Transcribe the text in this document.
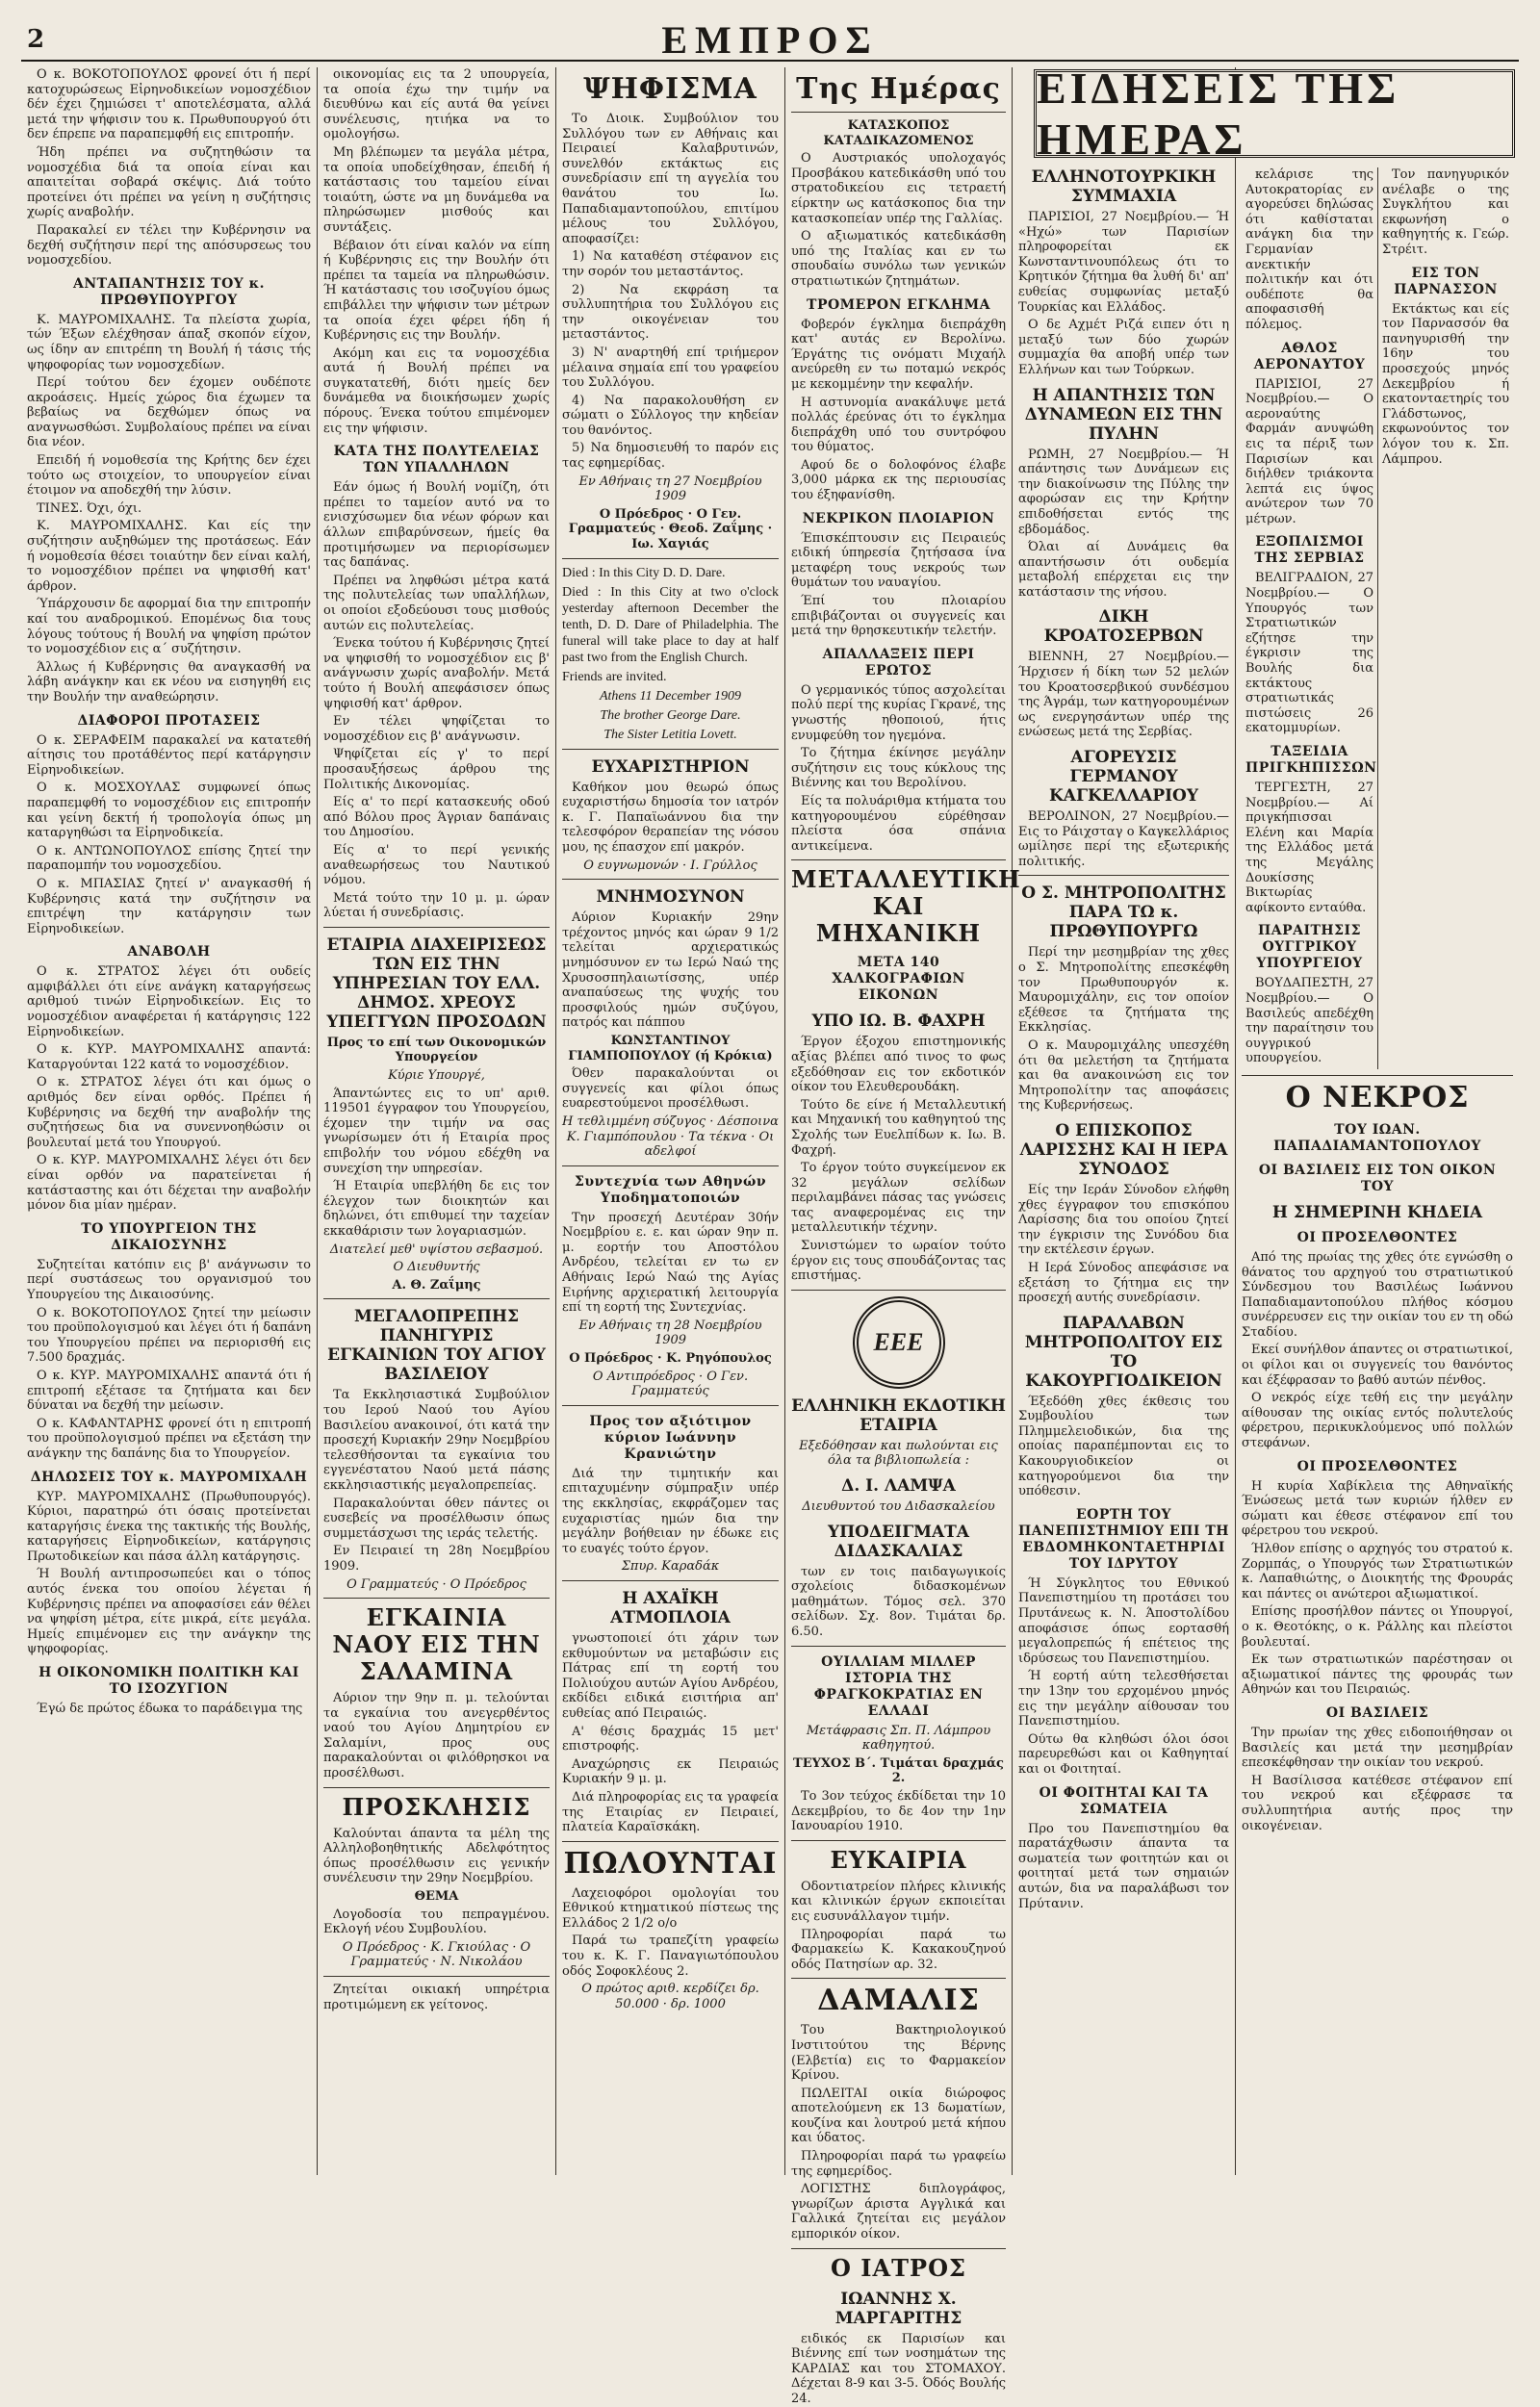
2	ΕΜΠΡΟΣ

Ο κ. ΒΟΚΟΤΟΠΟΥΛΟΣ φρονεί ότι ή περί κατοχυρώσεως Εἰρηνοδικείων νομοσχέδιον δέν έχει ζημιώσει τ' αποτελέσματα, αλλά μετά την ψήφισιν του κ. Πρωθυπουργού ότι δεν έπρεπε να παραπεμφθή εις επιτροπήν.

Ήδη πρέπει να συζητηθώσιν τα νομοσχέδια διά τα οποία είναι και απαιτείται σοβαρά σκέψις. Διά τούτο προτείνει ότι πρέπει να γείνη η συζήτησις χωρίς αναβολήν.

Παρακαλεί εν τέλει την Κυβέρνησιν να δεχθή συζήτησιν περί της απόσυρσεως του νομοσχεδίου.

ΑΝΤΑΠΑΝΤΗΣΙΣ ΤΟΥ κ. ΠΡΩΘΥΠΟΥΡΓΟΥ

Κ. ΜΑΥΡΟΜΙΧΑΛΗΣ. Τα πλείστα χωρία, τών Έξων ελέχθησαν άπαξ σκοπόν είχον, ως ίδην αν επιτρέπη τη Βουλή ή τάσις τής ψηφοφορίας των νομοσχεδίων.

Περί τούτου δεν έχομεν ουδέποτε ακροάσεις. Ημείς χώρος δια έχωμεν τα βεβαίως να δεχθώμεν όπως να αναγνωσθώσι. Συμβολαίους πρέπει να είναι δια νέον.

Επειδή ή νομοθεσία της Κρήτης δεν έχει τούτο ως στοιχείον, το υπουργείον είναι έτοιμον να αποδεχθή την λύσιν.

ΤΙΝΕΣ. Όχι, όχι.

Κ. ΜΑΥΡΟΜΙΧΑΛΗΣ. Και είς την συζήτησιν αυξηθώμεν της προτάσεως. Εάν ή νομοθεσία θέσει τοιαύτην δεν είναι καλή, το νομοσχέδιον πρέπει να ψηφισθή κατ' άρθρον.

Ύπάρχουσιν δε αφορμαί δια την επιτροπήν καί του αναδρομικού. Επομένως δια τους λόγους τούτους ή Βουλή να ψηφίση πρώτον το νομοσχέδιον εις α΄ συζήτησιν.

Άλλως ή Κυβέρνησις θα αναγκασθή να λάβη ανάγκην και εκ νέου να εισηγηθή εις την Βουλήν την αναθεώρησιν.

ΔΙΑΦΟΡΟΙ ΠΡΟΤΑΣΕΙΣ

Ο κ. ΣΕΡΑΦΕΙΜ παρακαλεί να κατατεθή αίτησις του προτάθέντος περί κατάργησιν Εἰρηνοδικείων.

Ο κ. ΜΟΣΧΟΥΛΑΣ συμφωνεί όπως παραπεμφθή το νομοσχέδιον εις επιτροπήν και γείνη δεκτή ή τροπολογία όπως μη καταργηθώσι τα Εἰρηνοδικεία.

Ο κ. ΑΝΤΩΝΟΠΟΥΛΟΣ επίσης ζητεί την παραπομπήν του νομοσχεδίου.

Ο κ. ΜΠΑΣΙΑΣ ζητεί ν' αναγκασθή ή Κυβέρνησις κατά την συζήτησιν να επιτρέψη την κατάργησιν των Εἰρηνοδικείων.

ΑΝΑΒΟΛΗ

Ο κ. ΣΤΡΑΤΟΣ λέγει ότι ουδείς αμφιβάλλει ότι είνε ανάγκη καταργήσεως αριθμού τινών Εἰρηνοδικείων. Εις το νομοσχέδιον αναφέρεται ή κατάργησις 122 Εἰρηνοδικείων.

Ο κ. ΚΥΡ. ΜΑΥΡΟΜΙΧΑΛΗΣ απαντά: Καταργούνται 122 κατά το νομοσχέδιον.

Ο κ. ΣΤΡΑΤΟΣ λέγει ότι και όμως ο αριθμός δεν είναι ορθός. Πρέπει ή Κυβέρνησις να δεχθή την αναβολήν της συζητήσεως δια να συνεννοηθώσιν οι βουλευταί μετά του Υπουργού.

Ο κ. ΚΥΡ. ΜΑΥΡΟΜΙΧΑΛΗΣ λέγει ότι δεν είναι ορθόν να παρατείνεται ή κατάσταστης και ότι δέχεται την αναβολήν μόνον δια μίαν ημέραν.

ΤΟ ΥΠΟΥΡΓΕΙΟΝ ΤΗΣ ΔΙΚΑΙΟΣΥΝΗΣ

Συζητείται κατόπιν εις β' ανάγνωσιν το περί συστάσεως του οργανισμού του Υπουργείου της Δικαιοσύνης.

Ο κ. ΒΟΚΟΤΟΠΟΥΛΟΣ ζητεί την μείωσιν του προϋπολογισμού και λέγει ότι ή δαπάνη του Υπουργείου πρέπει να περιορισθή εις 7.500 δραχμάς.

Ο κ. ΚΥΡ. ΜΑΥΡΟΜΙΧΑΛΗΣ απαντά ότι ή επιτροπή εξέτασε τα ζητήματα και δεν δύναται να δεχθή την μείωσιν.

Ο κ. ΚΑΦΑΝΤΑΡΗΣ φρονεί ότι η επιτροπή του προϋπολογισμού πρέπει να εξετάση την ανάγκην της δαπάνης δια το Υπουργείον.

ΔΗΛΩΣΕΙΣ ΤΟΥ κ. ΜΑΥΡΟΜΙΧΑΛΗ

ΚΥΡ. ΜΑΥΡΟΜΙΧΑΛΗΣ (Πρωθυπουργός). Κύριοι, παρατηρώ ότι όσαις προτείνεται καταργήσις ένεκα της τακτικής τής Βουλής, καταργήσεις Εἰρηνοδικείων, κατάργησις Πρωτοδικείων και πάσα άλλη κατάργησις.

Ή Βουλή αντιπροσωπεύει και ο τόπος αυτός ένεκα του οποίου λέγεται ή Κυβέρνησις πρέπει να αποφασίσει εάν θέλει να ψηφίση μέτρα, είτε μικρά, είτε μεγάλα. Ημείς επιμένομεν εις την ανάγκην της ψηφοφορίας.

Η ΟΙΚΟΝΟΜΙΚΗ ΠΟΛΙΤΙΚΗ ΚΑΙ ΤΟ ΙΣΟΖΥΓΙΟΝ

Έγώ δε πρώτος έδωκα το παράδειγμα της

οικονομίας εις τα 2 υπουργεία, τα οποία έχω την τιμήν να διευθύνω και είς αυτά θα γείνει συνέλευσις, ητιήκα να το ομολογήσω.

Μη βλέπωμεν τα μεγάλα μέτρα, τα οποία υποδείχθησαν, έπειδή ή κατάστασις του ταμείου είναι τοιαύτη, ώστε να μη δυνάμεθα να πληρώσωμεν μισθούς και συντάξεις.

Βέβαιον ότι είναι καλόν να είπη ή Κυβέρνησις εις την Βουλήν ότι πρέπει τα ταμεία να πληρωθώσιν. Ή κατάστασις του ισοζυγίου όμως επιβάλλει την ψήφισιν των μέτρων τα οποία έχει φέρει ήδη ή Κυβέρνησις εις την Βουλήν.

Ακόμη και εις τα νομοσχέδια αυτά ή Βουλή πρέπει να συγκατατεθή, διότι ημείς δεν δυνάμεθα να διοικήσωμεν χωρίς πόρους. Ένεκα τούτου επιμένομεν εις την ψήφισιν.

ΚΑΤΑ ΤΗΣ ΠΟΛΥΤΕΛΕΙΑΣ ΤΩΝ ΥΠΑΛΛΗΛΩΝ

Εάν όμως ή Βουλή νομίζη, ότι πρέπει το ταμείον αυτό να το ενισχύσωμεν δια νέων φόρων και άλλων επιβαρύνσεων, ήμείς θα προτιμήσωμεν να περιορίσωμεν τας δαπάνας.

Πρέπει να ληφθώσι μέτρα κατά της πολυτελείας των υπαλλήλων, οι οποίοι εξοδεύουσι τους μισθούς αυτών εις πολυτελείας.

Ένεκα τούτου ή Κυβέρνησις ζητεί να ψηφισθή το νομοσχέδιον εις β' ανάγνωσιν χωρίς αναβολήν. Μετά τούτο ή Βουλή απεφάσισεν όπως ψηφισθή κατ' άρθρον.

Εν τέλει ψηφίζεται το νομοσχέδιον εις β' ανάγνωσιν.

Ψηφίζεται είς γ' το περί προσαυξήσεως άρθρου της Πολιτικής Δικονομίας.

Είς α' το περί κατασκευής οδού από Βόλου προς Άγριαν δαπάναις του Δημοσίου.

Είς α' το περί γενικής αναθεωρήσεως του Ναυτικού νόμου.

Μετά τούτο την 10 μ. μ. ώραν λύεται ή συνεδρίασις.

ΕΤΑΙΡΙΑ ΔΙΑΧΕΙΡΙΣΕΩΣ ΤΩΝ ΕΙΣ ΤΗΝ ΥΠΗΡΕΣΙΑΝ ΤΟΥ ΕΛΛ. ΔΗΜΟΣ. ΧΡΕΟΥΣ ΥΠΕΓΓΥΩΝ ΠΡΟΣΟΔΩΝ

Προς το επί των Οικονομικών Υπουργείον

Κύριε Υπουργέ,

Άπαντώντες εις το υπ' αριθ. 119501 έγγραφον του Υπουργείου, έχομεν την τιμήν να σας γνωρίσωμεν ότι ή Εταιρία προς επιβολήν του νόμου εδέχθη να συνεχίση την υπηρεσίαν.

Ή Εταιρία υπεβλήθη δε εις τον έλεγχον των διοικητών και δηλώνει, ότι επιθυμεί την ταχείαν εκκαθάρισιν των λογαριασμών.

Διατελεί μεθ' υψίστου σεβασμού.

Ο Διευθυντής

Α. Θ. Ζαΐμης

ΜΕΓΑΛΟΠΡΕΠΗΣ ΠΑΝΗΓΥΡΙΣ ΕΓΚΑΙΝΙΩΝ ΤΟΥ ΑΓΙΟΥ ΒΑΣΙΛΕΙΟΥ

Τα Εκκλησιαστικά Συμβούλιον του Ιερού Ναού του Αγίου Βασιλείου ανακοινοί, ότι κατά την προσεχή Κυριακήν 29ην Νοεμβρίου τελεσθήσονται τα εγκαίνια του εγγενέστατου Ναού μετά πάσης εκκλησιαστικής μεγαλοπρεπείας.

Παρακαλούνται όθεν πάντες οι ευσεβείς να προσέλθωσιν όπως συμμετάσχωσι της ιεράς τελετής.

Εν Πειραιεί τη 28η Νοεμβρίου 1909.

Ο Γραμματεύς · Ο Πρόεδρος

ΕΓΚΑΙΝΙΑ ΝΑΟΥ ΕΙΣ ΤΗΝ ΣΑΛΑΜΙΝΑ

Αύριον την 9ην π. μ. τελούνται τα εγκαίνια του ανεγερθέντος ναού του Αγίου Δημητρίου εν Σαλαμίνι, προς ους παρακαλούνται οι φιλόθρησκοι να προσέλθωσι.

ΠΡΟΣΚΛΗΣΙΣ

Καλούνται άπαντα τα μέλη της Αλληλοβοηθητικής Αδελφότητος όπως προσέλθωσιν εις γενικήν συνέλευσιν την 29ην Νοεμβρίου.

ΘΕΜΑ

Λογοδοσία του πεπραγμένου. Εκλογή νέου Συμβουλίου.

Ο Πρόεδρος · Κ. Γκιούλας · Ο Γραμματεύς · Ν. Νικολάου

Ζητείται οικιακή υπηρέτρια προτιμώμενη εκ γείτονος.

ΨΗΦΙΣΜΑ

Το Διοικ. Συμβούλιον του Συλλόγου των εν Αθήναις και Πειραιεί Καλαβρυτινών, συνελθόν εκτάκτως εις συνεδρίασιν επί τη αγγελία του θανάτου του Ιω. Παπαδιαμαντοπούλου, επιτίμου μέλους του Συλλόγου, αποφασίζει:

1) Να καταθέση στέφανον εις την σορόν του μεταστάντος.

2) Να εκφράση τα συλλυπητήρια του Συλλόγου εις την οικογένειαν του μεταστάντος.

3) Ν' αναρτηθή επί τριήμερον μέλαινα σημαία επί του γραφείου του Συλλόγου.

4) Να παρακολουθήση εν σώματι ο Σύλλογος την κηδείαν του θανόντος.

5) Να δημοσιευθή το παρόν εις τας εφημερίδας.

Εν Αθήναις τη 27 Νοεμβρίου 1909

Ο Πρόεδρος · Ο Γεν. Γραμματεύς · Θεοδ. Ζαΐμης · Ιω. Χαγιάς

Died : In this City D. D. Dare.

Died : In this City at two o'clock yesterday afternoon December the tenth, D. D. Dare of Philadelphia. The funeral will take place to day at half past two from the English Church.

Friends are invited.

Athens 11 December 1909

The brother George Dare.

The Sister Letitia Lovett.

ΕΥΧΑΡΙΣΤΗΡΙΟΝ

Καθήκον μου θεωρώ όπως ευχαριστήσω δημοσία τον ιατρόν κ. Γ. Παπαϊωάννου δια την τελεσφόρον θεραπείαν της νόσου μου, ης έπασχον επί μακρόν.

Ο ευγνωμονών · Ι. Γρύλλος

ΜΝΗΜΟΣΥΝΟΝ

Αύριον Κυριακήν 29ην τρέχοντος μηνός και ώραν 9 1/2 τελείται αρχιερατικώς μνημόσυνον εν τω Ιερώ Ναώ της Χρυσοσπηλαιωτίσσης, υπέρ αναπαύσεως της ψυχής του προσφιλούς ημών συζύγου, πατρός και πάππου

ΚΩΝΣΤΑΝΤΙΝΟΥ ΓΙΑΜΠΟΠΟΥΛΟΥ (ή Κρόκια)

Όθεν παρακαλούνται οι συγγενείς και φίλοι όπως ευαρεστούμενοι προσέλθωσι.

Η τεθλιμμένη σύζυγος · Δέσποινα Κ. Γιαμπόπουλου · Τα τέκνα · Οι αδελφοί

Συντεχνία των Αθηνών Υποδηματοποιών

Την προσεχή Δευτέραν 30ήν Νοεμβρίου ε. ε. και ώραν 9ην π. μ. εορτήν του Αποστόλου Ανδρέου, τελείται εν τω εν Αθήναις Ιερώ Ναώ της Αγίας Ειρήνης αρχιερατική λειτουργία επί τη εορτή της Συντεχνίας.

Εν Αθήναις τη 28 Νοεμβρίου 1909

Ο Πρόεδρος · Κ. Ρηγόπουλος

Ο Αντιπρόεδρος · Ο Γεν. Γραμματεύς

Προς τον αξιότιμον κύριον Ιωάννην Κρανιώτην

Διά την τιμητικήν και επιταχυμένην σύμπραξιν υπέρ της εκκλησίας, εκφράζομεν τας ευχαριστίας ημών δια την μεγάλην βοήθειαν ην έδωκε εις το ευαγές τούτο έργον.

Σπυρ. Καραδάκ

Η ΑΧΑΪΚΗ ΑΤΜΟΠΛΟΙΑ

γνωστοποιεί ότι χάριν των εκθυμούντων να μεταβώσιν εις Πάτρας επί τη εορτή του Πολιούχου αυτών Αγίου Ανδρέου, εκδίδει ειδικά εισιτήρια απ' ευθείας από Πειραιώς.

Α' θέσις δραχμάς 15 μετ' επιστροφής.

Αναχώρησις εκ Πειραιώς Κυριακήν 9 μ. μ.

Διά πληροφορίας εις τα γραφεία της Εταιρίας εν Πειραιεί, πλατεία Καραϊσκάκη.

ΠΩΛΟΥΝΤΑΙ

Λαχειοφόροι ομολογίαι του Εθνικού κτηματικού πίστεως της Ελλάδος 2 1/2 ο/ο

Παρά τω τραπεζίτη γραφείω του κ. Κ. Γ. Παναγιωτόπουλου οδός Σοφοκλέους 2.

Ο πρώτος αριθ. κερδίζει δρ. 50.000 · δρ. 1000

Της Ημέρας

ΚΑΤΑΣΚΟΠΟΣ ΚΑΤΑΔΙΚΑΖΟΜΕΝΟΣ

Ο Αυστριακός υπολοχαγός Προσβάκου κατεδικάσθη υπό του στρατοδικείου εις τετραετή είρκτην ως κατάσκοπος δια την κατασκοπείαν υπέρ της Γαλλίας.

Ο αξιωματικός κατεδικάσθη υπό της Ιταλίας και εν τω σπουδαίω συνόλω των γενικών στρατιωτικών ζητημάτων.

ΤΡΟΜΕΡΟΝ ΕΓΚΛΗΜΑ

Φοβερόν έγκλημα διεπράχθη κατ' αυτάς εν Βερολίνω. Έργάτης τις ονόματι Μιχαήλ ανεύρεθη εν τω ποταμώ νεκρός με κεκομμένην την κεφαλήν.

Η αστυνομία ανακάλυψε μετά πολλάς έρεύνας ότι το έγκλημα διεπράχθη υπό του συντρόφου του θύματος.

Αφού δε ο δολοφόνος έλαβε 3,000 μάρκα εκ της περιουσίας του έξηφανίσθη.

ΝΕΚΡΙΚΟΝ ΠΛΟΙΑΡΙΟΝ

Έπισκέπτουσιν εις Πειραιεύς ειδική ύπηρεσία ζητήσασα ίνα μεταφέρη τους νεκρούς των θυμάτων του ναυαγίου.

Έπί του πλοιαρίου επιβιβάζονται οι συγγενείς και μετά την θρησκευτικήν τελετήν.

ΑΠΑΛΛΑΞΕΙΣ ΠΕΡΙ ΕΡΩΤΟΣ

Ο γερμανικός τύπος ασχολείται πολύ περί της κυρίας Γκρανέ, της γνωστής ηθοποιού, ήτις ενυμφεύθη τον ηγεμόνα.

Το ζήτημα έκίνησε μεγάλην συζήτησιν εις τους κύκλους της Βιέννης και του Βερολίνου.

Είς τα πολυάριθμα κτήματα του κατηγορουμένου εύρέθησαν πλείστα όσα σπάνια αντικείμενα.

ΜΕΤΑΛΛΕΥΤΙΚΗ ΚΑΙ ΜΗΧΑΝΙΚΗ
ΜΕΤΑ 140 ΧΑΛΚΟΓΡΑΦΙΩΝ ΕΙΚΟΝΩΝ
ΥΠΟ ΙΩ. Β. ΦΑΧΡΗ

Έργον έξοχου επιστημονικής αξίας βλέπει από τινος το φως εξεδόθησαν εις τον εκδοτικόν οίκον του Ελευθερουδάκη.

Τούτο δε είνε ή Μεταλλευτική και Μηχανική του καθηγητού της Σχολής των Ευελπίδων κ. Ιω. Β. Φαχρή.

Το έργον τούτο συγκείμενον εκ 32 μεγάλων σελίδων περιλαμβάνει πάσας τας γνώσεις τας αναφερομένας εις την μεταλλευτικήν τέχνην.

Συνιστώμεν το ωραίον τούτο έργον εις τους σπουδάζοντας τας επιστήμας.

ΕΕΕ
ΕΛΛΗΝΙΚΗ ΕΚΔΟΤΙΚΗ ΕΤΑΙΡΙΑ

Εξεδόθησαν και πωλούνται εις όλα τα βιβλιοπωλεία :

Δ. Ι. ΛΑΜΨΑ

Διευθυντού του Διδασκαλείου

ΥΠΟΔΕΙΓΜΑΤΑ ΔΙΔΑΣΚΑΛΙΑΣ

των εν τοις παιδαγωγικοίς σχολείοις διδασκομένων μαθημάτων. Τόμος σελ. 370 σελίδων. Σχ. 8ον. Τιμάται δρ. 6.50.

ΟΥΙΛΛΙΑΜ ΜΙΛΛΕΡ ΙΣΤΟΡΙΑ ΤΗΣ ΦΡΑΓΚΟΚΡΑΤΙΑΣ ΕΝ ΕΛΛΑΔΙ

Μετάφρασις Σπ. Π. Λάμπρου καθηγητού.

ΤΕΥΧΟΣ Β΄. Τιμάται δραχμάς 2.

Το 3ον τεύχος έκδίδεται την 10 Δεκεμβρίου, το δε 4ον την 1ην Ιανουαρίου 1910.

ΕΥΚΑΙΡΙΑ

Οδοντιατρείον πλήρες κλινικής και κλινικών έργων εκποιείται εις ευσυνάλλαγον τιμήν.

Πληροφορίαι παρά τω Φαρμακείω Κ. Κακακουζηνού οδός Πατησίων αρ. 32.

ΔΑΜΑΛΙΣ

Του Βακτηριολογικού Ινστιτούτου της Βέρνης (Ελβετία) εις το Φαρμακείον Κρίνου.

ΠΩΛΕΙΤΑΙ οικία διώροφος αποτελούμενη εκ 13 δωματίων, κουζίνα και λουτρού μετά κήπου και ύδατος.

Πληροφορίαι παρά τω γραφείω της εφημερίδος.

ΛΟΓΙΣΤΗΣ διπλογράφος, γνωρίζων άριστα Αγγλικά και Γαλλικά ζητείται εις μεγάλον εμπορικόν οίκον.

Ο ΙΑΤΡΟΣ
ΙΩΑΝΝΗΣ Χ. ΜΑΡΓΑΡΙΤΗΣ

ειδικός εκ Παρισίων και Βιέννης επί των νοσημάτων της ΚΑΡΔΙΑΣ και του ΣΤΟΜΑΧΟΥ. Δέχεται 8-9 και 3-5. Όδός Βουλής 24.

ΕΛΛΗΝΟΤΟΥΡΚΙΚΗ ΣΥΜΜΑΧΙΑ

ΠΑΡΙΣΙΟΙ, 27 Νοεμβρίου.— Ή «Ηχώ» των Παρισίων πληροφορείται εκ Κωνσταντινουπόλεως ότι το Κρητικόν ζήτημα θα λυθή δι' απ' ευθείας συμφωνίας μεταξύ Τουρκίας και Ελλάδος.

Ο δε Αχμέτ Ριζά ειπεν ότι η μεταξύ των δύο χωρών συμμαχία θα αποβή υπέρ των Ελλήνων και των Τούρκων.

Η ΑΠΑΝΤΗΣΙΣ ΤΩΝ ΔΥΝΑΜΕΩΝ ΕΙΣ ΤΗΝ ΠΥΛΗΝ

ΡΩΜΗ, 27 Νοεμβρίου.— Ή απάντησις των Δυνάμεων εις την διακοίνωσιν της Πύλης την αφορώσαν εις την Κρήτην επιδοθήσεται εντός της εβδομάδος.

Όλαι αί Δυνάμεις θα απαντήσωσιν ότι ουδεμία μεταβολή επέρχεται εις την κατάστασιν της νήσου.

ΔΙΚΗ ΚΡΟΑΤΟΣΕΡΒΩΝ

ΒΙΕΝΝΗ, 27 Νοεμβρίου.— Ήρχισεν ή δίκη των 52 μελών του Κροατοσερβικού συνδέσμου της Άγράμ, των κατηγορουμένων ως ενεργησάντων υπέρ της ενώσεως μετά της Σερβίας.

ΑΓΟΡΕΥΣΙΣ ΓΕΡΜΑΝΟΥ ΚΑΓΚΕΛΛΑΡΙΟΥ

ΒΕΡΟΛΙΝΟΝ, 27 Νοεμβρίου.— Εις το Ράιχσταγ ο Καγκελλάριος ωμίλησε περί της εξωτερικής πολιτικής.

Ο Σ. ΜΗΤΡΟΠΟΛΙΤΗΣ ΠΑΡΑ ΤΩ κ. ΠΡΩΘΥΠΟΥΡΓΩ

Περί την μεσημβρίαν της χθες ο Σ. Μητροπολίτης επεσκέφθη τον Πρωθυπουργόν κ. Μαυρομιχάλην, εις τον οποίον εξέθεσε τα ζητήματα της Εκκλησίας.

Ο κ. Μαυρομιχάλης υπεσχέθη ότι θα μελετήση τα ζητήματα και θα ανακοινώση εις τον Μητροπολίτην τας αποφάσεις της Κυβερνήσεως.

Ο ΕΠΙΣΚΟΠΟΣ ΛΑΡΙΣΣΗΣ ΚΑΙ Η ΙΕΡΑ ΣΥΝΟΔΟΣ

Είς την Ιεράν Σύνοδον ελήφθη χθες έγγραφον του επισκόπου Λαρίσσης δια του οποίου ζητεί την έγκρισιν της Συνόδου δια την εκτέλεσιν έργων.

Η Ιερά Σύνοδος απεφάσισε να εξετάση το ζήτημα εις την προσεχή αυτής συνεδρίασιν.

ΠΑΡΑΛΑΒΩΝ ΜΗΤΡΟΠΟΛΙΤΟΥ ΕΙΣ ΤΟ ΚΑΚΟΥΡΓΙΟΔΙΚΕΙΟΝ

Έξεδόθη χθες έκθεσις του Συμβουλίου των Πλημμελειοδικών, δια της οποίας παραπέμπονται εις το Κακουργιοδικείον οι κατηγορούμενοι δια την υπόθεσιν.

ΕΟΡΤΗ ΤΟΥ ΠΑΝΕΠΙΣΤΗΜΙΟΥ ΕΠΙ ΤΗ ΕΒΔΟΜΗΚΟΝΤΑΕΤΗΡΙΔΙ ΤΟΥ ΙΔΡΥΤΟΥ

Ή Σύγκλητος του Εθνικού Πανεπιστημίου τη προτάσει του Πρυτάνεως κ. Ν. Άποστολίδου αποφάσισε όπως εορτασθή μεγαλοπρεπώς ή επέτειος της ιδρύσεως του Πανεπιστημίου.

Ή εορτή αύτη τελεσθήσεται την 13ην του ερχομένου μηνός εις την μεγάλην αίθουσαν του Πανεπιστημίου.

Ούτω θα κληθώσι όλοι όσοι παρευρεθώσι και οι Καθηγηταί και οι Φοιτηταί.

ΟΙ ΦΟΙΤΗΤΑΙ ΚΑΙ ΤΑ ΣΩΜΑΤΕΙΑ

Προ του Πανεπιστημίου θα παρατάχθωσιν άπαντα τα σωματεία των φοιτητών και οι φοιτηταί μετά των σημαιών αυτών, δια να παραλάβωσι τον Πρύτανιν.

κελάρισε της Αυτοκρατορίας εν αγορεύσει δηλώσας ότι καθίσταται ανάγκη δια την Γερμανίαν ανεκτικήν πολιτικήν και ότι ουδέποτε θα αποφασισθή πόλεμος.

ΑΘΛΟΣ ΑΕΡΟΝΑΥΤΟΥ

ΠΑΡΙΣΙΟΙ, 27 Νοεμβρίου.— Ο αεροναύτης Φαρμάν ανυψώθη εις τα πέριξ των Παρισίων και διήλθεν τριάκοντα λεπτά εις ύψος ανώτερον των 70 μέτρων.

ΕΞΟΠΛΙΣΜΟΙ ΤΗΣ ΣΕΡΒΙΑΣ

ΒΕΛΙΓΡΑΔΙΟΝ, 27 Νοεμβρίου.— Ο Υπουργός των Στρατιωτικών εζήτησε την έγκρισιν της Βουλής δια εκτάκτους στρατιωτικάς πιστώσεις 26 εκατομμυρίων.

ΤΑΞΕΙΔΙΑ ΠΡΙΓΚΗΠΙΣΣΩΝ

ΤΕΡΓΕΣΤΗ, 27 Νοεμβρίου.— Αί πριγκήπισσαι Ελένη και Μαρία της Ελλάδος μετά της Μεγάλης Δουκίσσης Βικτωρίας αφίκοντο ενταύθα.

ΠΑΡΑΙΤΗΣΙΣ ΟΥΓΓΡΙΚΟΥ ΥΠΟΥΡΓΕΙΟΥ

ΒΟΥΔΑΠΕΣΤΗ, 27 Νοεμβρίου.— Ο Βασιλεύς απεδέχθη την παραίτησιν του ουγγρικού υπουργείου.

Τον πανηγυρικόν ανέλαβε ο της Συγκλήτου και εκφωνήση ο καθηγητής κ. Γεώρ. Στρέιτ.

ΕΙΣ ΤΟΝ ΠΑΡΝΑΣΣΟΝ

Εκτάκτως και είς τον Παρνασσόν θα πανηγυρισθή την 16ην του προσεχούς μηνός Δεκεμβρίου ή εκατονταετηρίς του Γλάδστωνος, εκφωνούντος τον λόγον του κ. Σπ. Λάμπρου.

Ο ΝΕΚΡΟΣ
ΤΟΥ ΙΩΑΝ. ΠΑΠΑΔΙΑΜΑΝΤΟΠΟΥΛΟΥ
ΟΙ ΒΑΣΙΛΕΙΣ ΕΙΣ ΤΟΝ ΟΙΚΟΝ ΤΟΥ
Η ΣΗΜΕΡΙΝΗ ΚΗΔΕΙΑ
ΟΙ ΠΡΟΣΕΛΘΟΝΤΕΣ

Από της πρωίας της χθες ότε εγνώσθη ο θάνατος του αρχηγού του στρατιωτικού Σύνδεσμου του Βασιλέως Ιωάννου Παπαδιαμαντοπούλου πλήθος κόσμου συνέρρευσεν εις την οικίαν του εν τη οδώ Σταδίου.

Εκεί συνήλθον άπαντες οι στρατιωτικοί, οι φίλοι και οι συγγενείς του θανόντος και έξέφρασαν το βαθύ αυτών πένθος.

Ο νεκρός είχε τεθή εις την μεγάλην αίθουσαν της οικίας εντός πολυτελούς φέρετρου, περικυκλούμενος υπό πολλών στεφάνων.

ΟΙ ΠΡΟΣΕΛΘΟΝΤΕΣ

Η κυρία Χαβίκλεια της Αθηναϊκής Ένώσεως μετά των κυριών ήλθεν εν σώματι και έθεσε στέφανον επί του φέρετρου του νεκρού.

Ήλθον επίσης ο αρχηγός του στρατού κ. Ζορμπάς, ο Υπουργός των Στρατιωτικών κ. Λαπαθιώτης, ο Διοικητής της Φρουράς και πάντες οι ανώτεροι αξιωματικοί.

Επίσης προσήλθον πάντες οι Υπουργοί, ο κ. Θεοτόκης, ο κ. Ράλλης και πλείστοι βουλευταί.

Εκ των στρατιωτικών παρέστησαν οι αξιωματικοί πάντες της φρουράς των Αθηνών και του Πειραιώς.

ΟΙ ΒΑΣΙΛΕΙΣ

Την πρωίαν της χθες ειδοποιήθησαν οι Βασιλείς και μετά την μεσημβρίαν επεσκέφθησαν την οικίαν του νεκρού.

Η Βασίλισσα κατέθεσε στέφανον επί του νεκρού και εξέφρασε τα συλλυπητήρια αυτής προς την οικογένειαν.

ΕΙΔΗΣΕΙΣ ΤΗΣ ΗΜΕΡΑΣ
